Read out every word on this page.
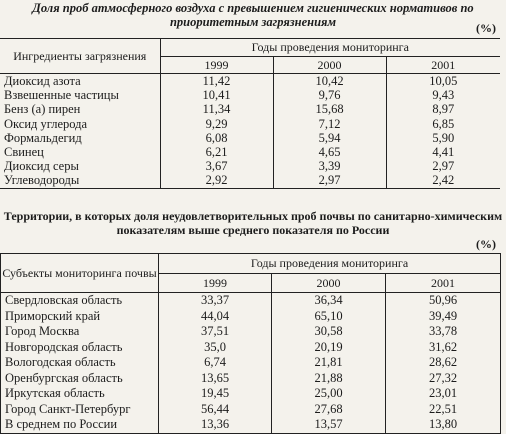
Доля проб атмосферного воздуха с превышением гигиенических нормативов по приоритетным загрязнениям	(%)
Ингредиенты загрязнения	Годы проведения мониторинга		
	1999	2000	2001
Диоксид азота	11,42	10,42	10,05
Взвешенные частицы	10,41	9,76	9,43
Бенз (а) пирен	11,34	15,68	8,97
Оксид углерода	9,29	7,12	6,85
Формальдегид	6,08	5,94	5,90
Свинец	6,21	4,65	4,41
Диоксид серы	3,67	3,39	2,97
Углеводороды	2,92	2,97	2,42
Территории, в которых доля неудовлетворительных проб почвы по санитарно-химическим показателям выше среднего показателя по России
(%)
Субъекты мониторинга почвы	Годы проведения мониторинга		
	1999	2000	2001
Свердловская область	33,37	36,34	50,96
Приморский край	44,04	65,10	39,49
Город Москва	37,51	30,58	33,78
Новгородская область	35,0	20,19	31,62
Вологодская область	6,74	21,81	28,62
Оренбургская область	13,65	21,88	27,32
Иркутская область	19,45	25,00	23,01
Город Санкт-Петербург	56,44	27,68	22,51
В среднем по России	13,36	13,57	13,80
